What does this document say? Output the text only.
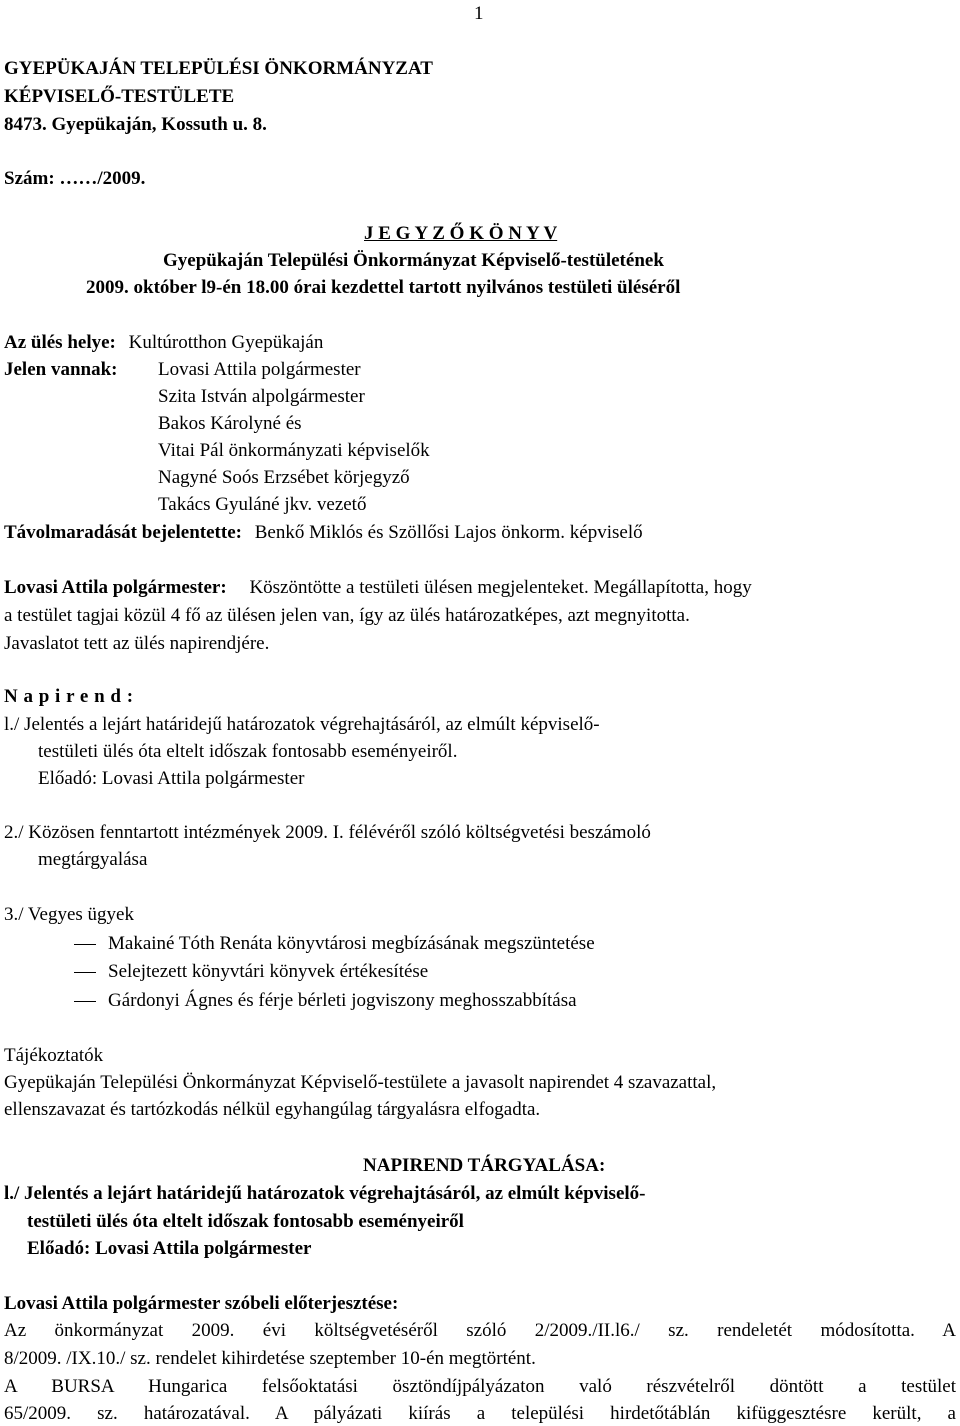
1
GYEPÜKAJÁN TELEPÜLÉSI ÖNKORMÁNYZAT
KÉPVISELŐ-TESTÜLETE
8473. Gyepükaján, Kossuth u. 8.
Szám: ……/2009.
J E G Y Z Ő K Ö N Y V
Gyepükaján Települési Önkormányzat Képviselő-testületének
2009. október l9-én 18.00 órai kezdettel tartott nyilvános testületi üléséről
Az ülés helye: Kultúrotthon Gyepükaján
Jelen vannak: Lovasi Attila polgármester
Szita István alpolgármester
Bakos Károlyné és
Vitai Pál önkormányzati képviselők
Nagyné Soós Erzsébet körjegyző
Takács Gyuláné jkv. vezető
Távolmaradását bejelentette: Benkő Miklós és Szöllősi Lajos önkorm. képviselő
Lovasi Attila polgármester: Köszöntötte a testületi ülésen megjelenteket. Megállapította, hogy
a testület tagjai közül 4 fő az ülésen jelen van, így az ülés határozatképes, azt megnyitotta.
Javaslatot tett az ülés napirendjére.
N a p i r e n d :
l./ Jelentés a lejárt határidejű határozatok végrehajtásáról, az elmúlt képviselő-
testületi ülés óta eltelt időszak fontosabb eseményeiről.
Előadó: Lovasi Attila polgármester
2./ Közösen fenntartott intézmények 2009. I. félévéről szóló költségvetési beszámoló
megtárgyalása
3./ Vegyes ügyek
Makainé Tóth Renáta könyvtárosi megbízásának megszüntetése
Selejtezett könyvtári könyvek értékesítése
Gárdonyi Ágnes és férje bérleti jogviszony meghosszabbítása
Tájékoztatók
Gyepükaján Települési Önkormányzat Képviselő-testülete a javasolt napirendet 4 szavazattal,
ellenszavazat és tartózkodás nélkül egyhangúlag tárgyalásra elfogadta.
NAPIREND TÁRGYALÁSA:
l./ Jelentés a lejárt határidejű határozatok végrehajtásáról, az elmúlt képviselő-
testületi ülés óta eltelt időszak fontosabb eseményeiről
Előadó: Lovasi Attila polgármester
Lovasi Attila polgármester szóbeli előterjesztése:
Az önkormányzat 2009. évi költségvetéséről szóló 2/2009./II.l6./ sz. rendeletét módosította. A
8/2009. /IX.10./ sz. rendelet kihirdetése szeptember 10-én megtörtént.
A BURSA Hungarica felsőoktatási ösztöndíjpályázaton való részvételről döntött a testület
65/2009. sz. határozatával. A pályázati kiírás a települési hirdetőtáblán kifüggesztésre került, a
